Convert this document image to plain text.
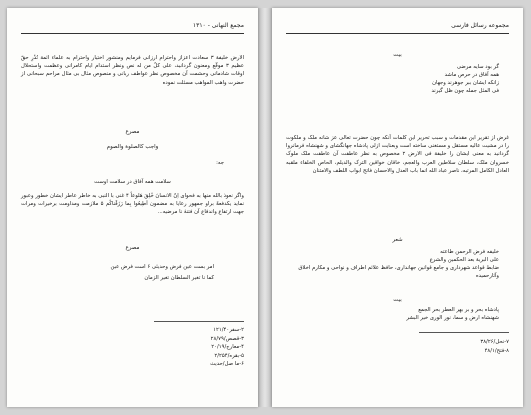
مجمع النهانی - ۱۳۱۰
الارض خلیفة ۳ سعادت اعزاز واحترام ارزانی فرمایم ومنشور اختیار واحترام به علماء ائمة نُذُرِ حقّ عظیم ۳ موقّع ومعنون گردانید، علی کلّ من له نص ونظر استدام ایام کامرانی وعظمت واستحلال اوقات شادمانی وحشمت آن مخصوص نظر عواطف ربانی و منصوص مثال بی مثال مراحم سبحانی از حضرت واهب المواهب مسئلت نموده
مصرع
واجب کالصلوة والصوم
جه:
سلامت همه آفاق در سلامت اوست
واگر نعوذ بالله منها به فحوای اِنّ الانسانَ خُلِقَ هَلوعاً ۴ غنی با النبی به خاطر عاطر ایشان خطور وعبور نماید یکدفعةً براو جمهور رعایا به مضمون اَطِیعُوا بِما رَزَقْناکُم ۵ ملازمت ومداومت برخیرات ومرات جهت ارتفاع واندفاع آن فتنهٔ نا مرضیه...
مصرع
امر بست عین فرض وحدیثی ۶ است فرض عین
کما نا تغیر السلطان تغیر الزمان
۲-سفر۱۲۱/۴۰
۳-قصص/۲۸/۷۹
۴-معارج/۲۰/۱۹
۵-بقره/۲/۲۵۴
۶-ما صل/حدیث
مجموعه رسائل فارسی
بیت
گر بود سایه مرضی
همه آفاق در حرص ماشد
زانکه ایشان ببر جوهرند وجهان
فی المثل جمله چون ظل گیرند
غرض از تقریر این مقدمات و سبب تحریر این کلمات آنکه چون حضرت تعالی عز شانه ملک و ملکوت را در مشیت عالیه مستقل و مستغنی ساخته است وبعنایت ازلی پادشاه جهانگشای و شهنشاه فرمانروا گردانید به معنی ایشان را خلیفة فی الارض ۲ مخصوص به نظر عاطفت آن عاطفت ملک ملوک خسروان ملک، سلطان سلاطین العرب والعجم، خاقان خواقین الترک والدیلم، الحاص الخلفاء ملقبه العادل الکامل المرتبه، ناصر عباد الله انما باب العدل والاحسان فاتح ابواب اللطف والامتنان
شعر
خلیفه فرض الرحمن طاعته
علی البریة بعد الحکمین والشرع
ضابط قواعد شهرداری و جامع قوانین جهانداری، حافظ علائم اطراف و نواحی و مکارم اخلاق وآثارحمیده
بیت
پادشاه بحر و بر بهر العطر بحر الجمع
شهنشاه ارض و سما، نور الوری خیر البشر
۷-نحل/۳۸/۲۶
۸-فتح/۴۸/۱
